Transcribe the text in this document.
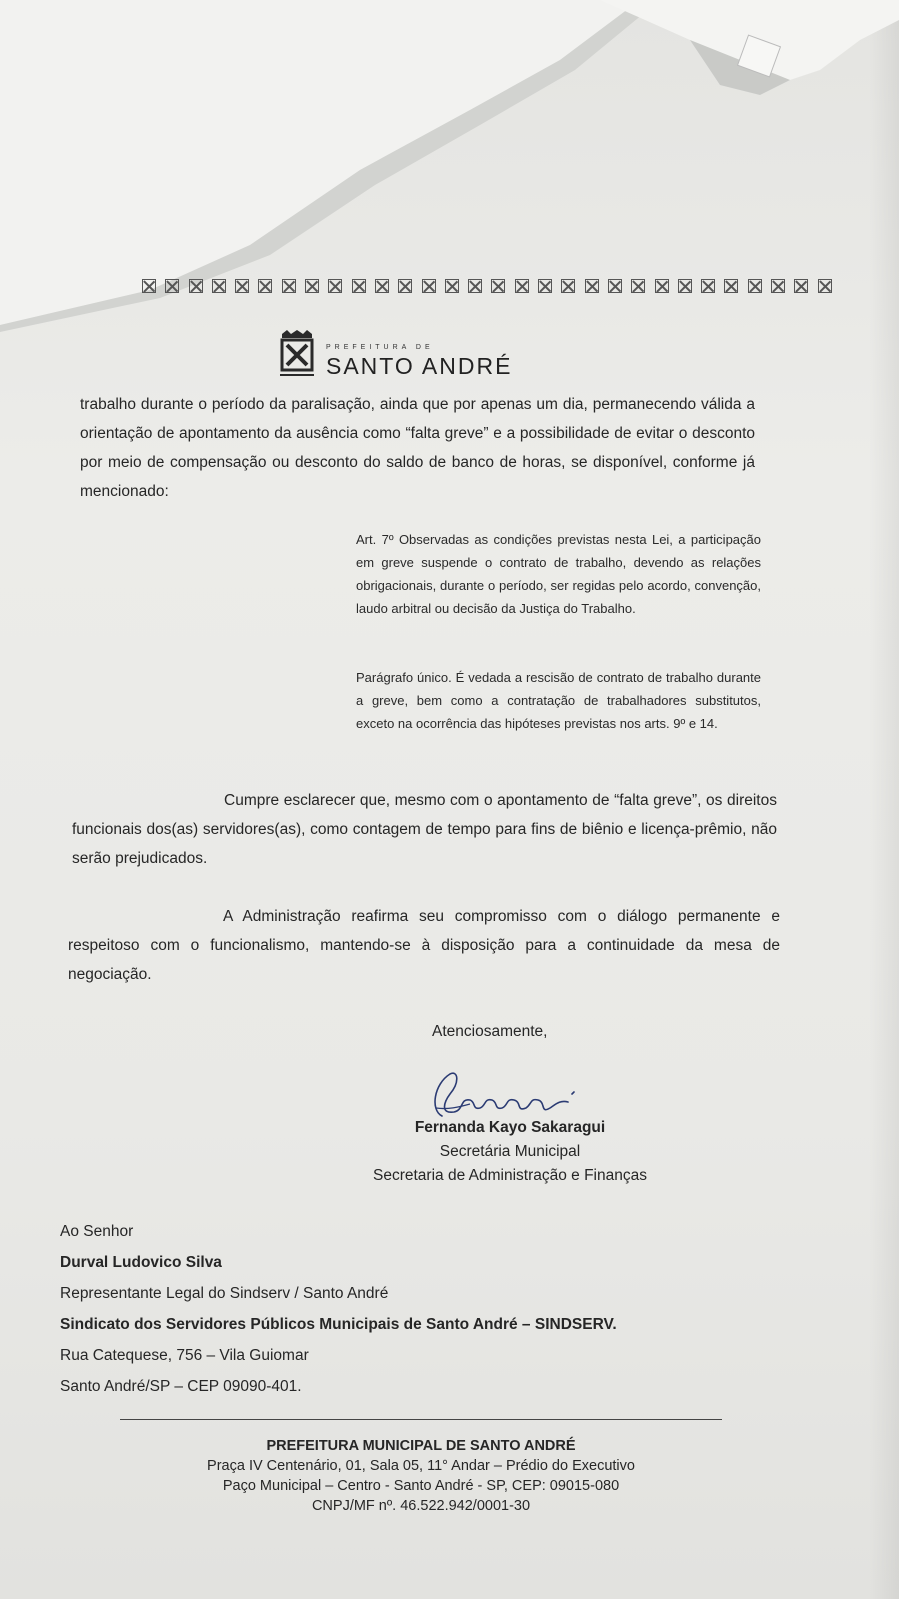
PREFEITURA DE
SANTO ANDRÉ
trabalho durante o período da paralisação, ainda que por apenas um dia, permanecendo válida a orientação de apontamento da ausência como “falta greve” e a possibilidade de evitar o desconto por meio de compensação ou desconto do saldo de banco de horas, se disponível, conforme já mencionado:
Art. 7º Observadas as condições previstas nesta Lei, a participação em greve suspende o contrato de trabalho, devendo as relações obrigacionais, durante o período, ser regidas pelo acordo, convenção, laudo arbitral ou decisão da Justiça do Trabalho.
Parágrafo único. É vedada a rescisão de contrato de trabalho durante a greve, bem como a contratação de trabalhadores substitutos, exceto na ocorrência das hipóteses previstas nos arts. 9º e 14.
Cumpre esclarecer que, mesmo com o apontamento de “falta greve”, os direitos funcionais dos(as) servidores(as), como contagem de tempo para fins de biênio e licença-prêmio, não serão prejudicados.
A Administração reafirma seu compromisso com o diálogo permanente e respeitoso com o funcionalismo, mantendo-se à disposição para a continuidade da mesa de negociação.
Atenciosamente,
Fernanda Kayo Sakaragui
Secretária Municipal
Secretaria de Administração e Finanças
Ao Senhor
Durval Ludovico Silva
Representante Legal do Sindserv / Santo André
Sindicato dos Servidores Públicos Municipais de Santo André – SINDSERV.
Rua Catequese, 756 – Vila Guiomar
Santo André/SP – CEP 09090-401.
PREFEITURA MUNICIPAL DE SANTO ANDRÉ
Praça IV Centenário, 01, Sala 05, 11° Andar – Prédio do Executivo
Paço Municipal – Centro - Santo André - SP, CEP: 09015-080
CNPJ/MF nº. 46.522.942/0001-30
